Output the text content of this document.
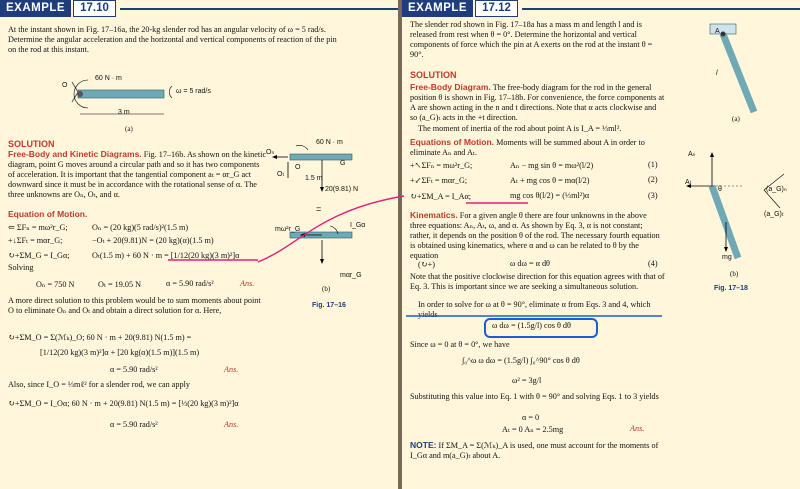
EXAMPLE	17.10
At the instant shown in Fig. 17–16a, the 20-kg slender rod has an angular velocity of ω = 5 rad/s. Determine the angular acceleration and the horizontal and vertical components of reaction of the pin on the rod at this instant.
60 N · m
ω = 5 rad/s
O
3 m
(a)
SOLUTION
Free-Body and Kinetic Diagrams. Fig. 17–16b. As shown on the kinetic diagram, point G moves around a circular path and so it has two components of acceleration. It is important that the tangential component aₜ = αr_G act downward since it must be in accordance with the rotational sense of α. The three unknowns are Oₙ, Oₜ, and α.
60 N · m
Oₙ
Oₜ
1.5 m
20(9.81) N
G
O
=
mω²r_G
I_Gα
mαr_G
(b)
Fig. 17–16
Equation of Motion.
⇐ ΣFₙ = mω²r_G;	Oₙ = (20 kg)(5 rad/s)²(1.5 m)
+↓ΣFₜ = mαr_G;	−Oₜ + 20(9.81)N = (20 kg)(α)(1.5 m)
↻+ΣM_G = I_Gα;	Oₜ(1.5 m) + 60 N · m = [1/12(20 kg)(3 m)²]α
Solving
Oₙ = 750 N	Oₜ = 19.05 N	α = 5.90 rad/s²	Ans.
A more direct solution to this problem would be to sum moments about point O to eliminate Oₙ and Oₜ and obtain a direct solution for α. Here,
↻+ΣM_O = Σ(ℳₖ)_O; 60 N · m + 20(9.81) N(1.5 m) =
[1/12(20 kg)(3 m)²]α + [20 kg(α)(1.5 m)](1.5 m)
α = 5.90 rad/s²	Ans.
Also, since I_O = ⅓mℓ² for a slender rod, we can apply
↻+ΣM_O = I_Oα; 60 N · m + 20(9.81) N(1.5 m) = [⅓(20 kg)(3 m)²]α
α = 5.90 rad/s²	Ans.
EXAMPLE	17.12
The slender rod shown in Fig. 17–18a has a mass m and length l and is released from rest when θ = 0°. Determine the horizontal and vertical components of force which the pin at A exerts on the rod at the instant θ = 90°.
A
l
(a)
SOLUTION
Free-Body Diagram. The free-body diagram for the rod in the general position θ is shown in Fig. 17–18b. For convenience, the force components at A are shown acting in the n and t directions. Note that α acts clockwise and so (a_G)ₜ acts in the +t direction.
The moment of inertia of the rod about point A is I_A = ⅓ml².
Equations of Motion. Moments will be summed about A in order to eliminate Aₙ and Aₜ.
+↖ΣFₙ = mω²r_G;	Aₙ − mg sin θ = mω²(l/2)	(1)
+↙ΣFₜ = mαr_G;	Aₜ + mg cos θ = mα(l/2)	(2)
↻+ΣM_A = I_Aα;	mg cos θ(l/2) = (⅓ml²)α	(3)
Aₙ
Aₜ
θ
mg
(a_G)ₙ
(a_G)ₜ
(b)
Fig. 17–18
Kinematics. For a given angle θ there are four unknowns in the above three equations: Aₙ, Aₜ, ω, and α. As shown by Eq. 3, α is not constant; rather, it depends on the position θ of the rod. The necessary fourth equation is obtained using kinematics, where α and ω can be related to θ by the equation
(↻+)	ω dω = α dθ	(4)
Note that the positive clockwise direction for this equation agrees with that of Eq. 3. This is important since we are seeking a simultaneous solution.
In order to solve for ω at θ = 90°, eliminate α from Eqs. 3 and 4, which yields
ω dω = (1.5g/l) cos θ dθ
Since ω = 0 at θ = 0°, we have
∫₀^ω ω dω = (1.5g/l) ∫₀^90° cos θ dθ
ω² = 3g/l
Substituting this value into Eq. 1 with θ = 90° and solving Eqs. 1 to 3 yields
α = 0
Aₜ = 0 Aₙ = 2.5mg	Ans.
NOTE: If ΣM_A = Σ(ℳₖ)_A is used, one must account for the moments of I_Gα and m(a_G)ₜ about A.
